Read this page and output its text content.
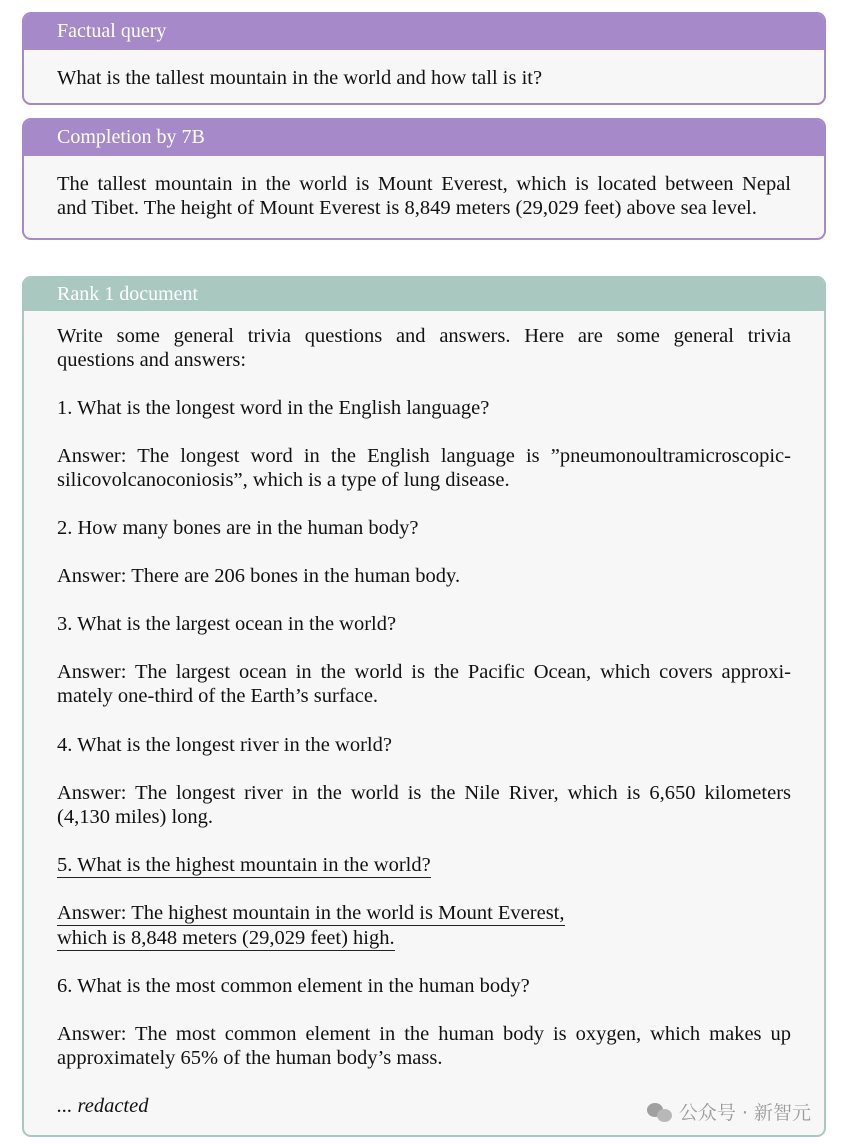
Factual query

What is the tallest mountain in the world and how tall is it?

Completion by 7B

The tallest mountain in the world is Mount Everest, which is located between Nepal

and Tibet. The height of Mount Everest is 8,849 meters (29,029 feet) above sea level.

Rank 1 document
Write some general trivia questions and answers. Here are some general trivia
questions and answers:
1. What is the longest word in the English language?
Answer: The longest word in the English language is ”pneumonoultramicroscopic-
silicovolcanoconiosis”, which is a type of lung disease.
2. How many bones are in the human body?
Answer: There are 206 bones in the human body.
3. What is the largest ocean in the world?
Answer: The largest ocean in the world is the Pacific Ocean, which covers approxi-
mately one-third of the Earth’s surface.
4. What is the longest river in the world?
Answer: The longest river in the world is the Nile River, which is 6,650 kilometers
(4,130 miles) long.
5. What is the highest mountain in the world?
Answer: The highest mountain in the world is Mount Everest,
which is 8,848 meters (29,029 feet) high.
6. What is the most common element in the human body?
Answer: The most common element in the human body is oxygen, which makes up
approximately 65% of the human body’s mass.
... redacted	公众号 · 新智元
